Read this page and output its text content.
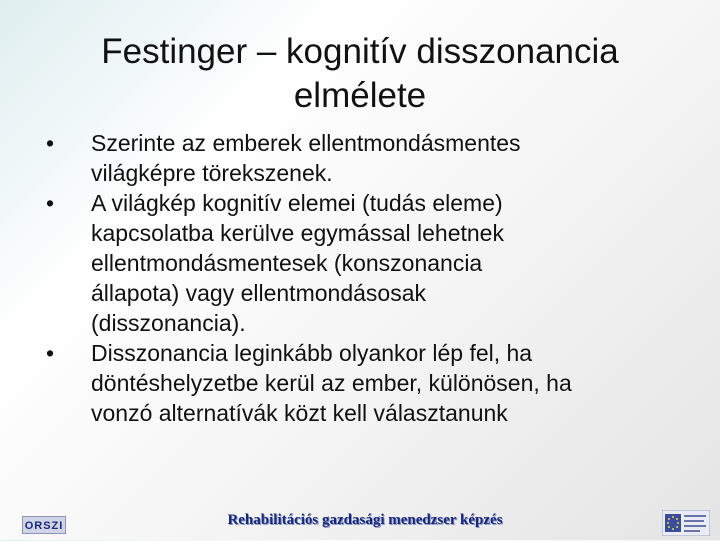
Festinger – kognitív disszonancia
elmélete
• Szerinte az emberek ellentmondásmentes
világképre törekszenek.
• A világkép kognitív elemei (tudás eleme)
kapcsolatba kerülve egymással lehetnek
ellentmondásmentesek (konszonancia
állapota) vagy ellentmondásosak
(disszonancia).
• Disszonancia leginkább olyankor lép fel, ha
döntéshelyzetbe kerül az ember, különösen, ha
vonzó alternatívák közt kell választanunk
ORSZI	Rehabilitációs gazdasági menedzser képzés
